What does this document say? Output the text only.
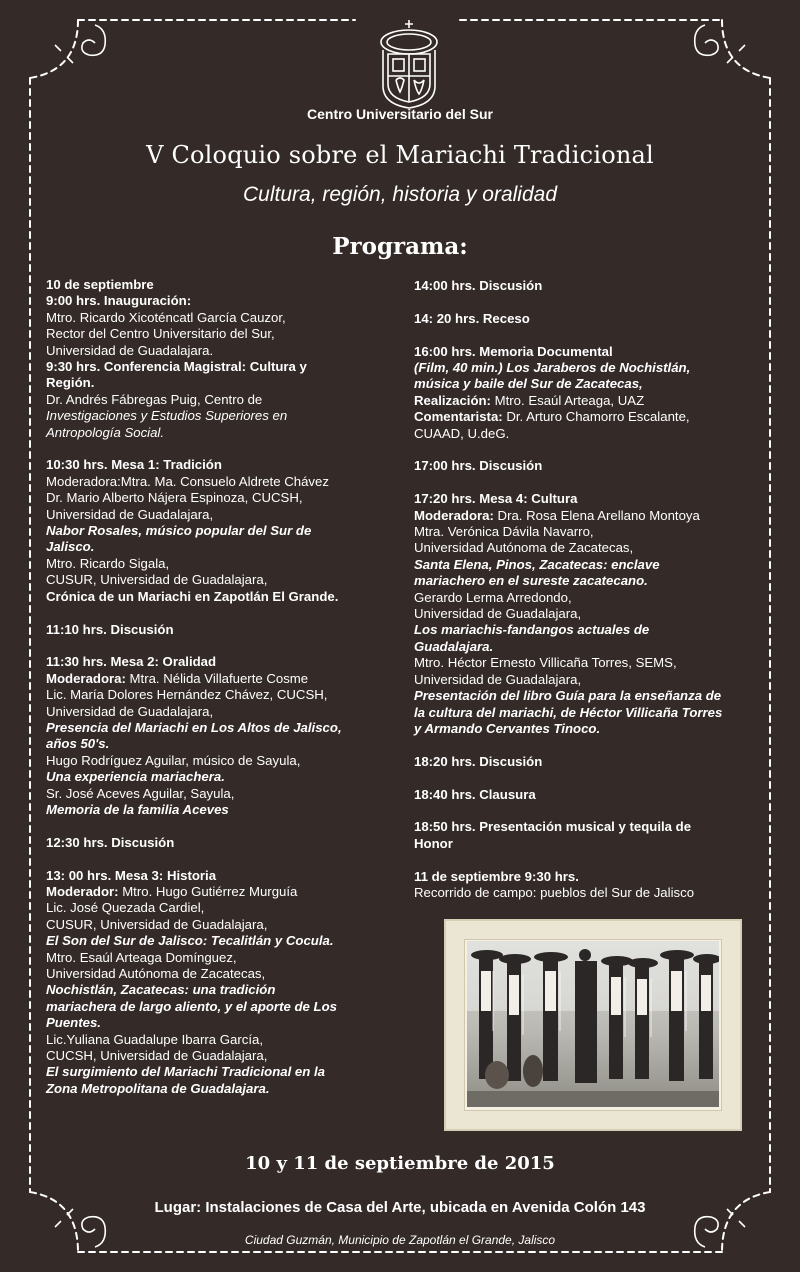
Centro Universitario del Sur
V Coloquio sobre el Mariachi Tradicional
Cultura, región, historia y oralidad
Programa:
10 de septiembre
9:00 hrs. Inauguración:
Mtro. Ricardo Xicoténcatl García Cauzor,
Rector del Centro Universitario del Sur,
Universidad de Guadalajara.
9:30 hrs. Conferencia Magistral: Cultura y
Región.
Dr. Andrés Fábregas Puig, Centro de
Investigaciones y Estudios Superiores en
Antropología Social.
10:30 hrs. Mesa 1: Tradición
Moderadora:Mtra. Ma. Consuelo Aldrete Chávez
Dr. Mario Alberto Nájera Espinoza, CUCSH,
Universidad de Guadalajara,
Nabor Rosales, músico popular del Sur de
Jalisco.
Mtro. Ricardo Sigala,
CUSUR, Universidad de Guadalajara,
Crónica de un Mariachi en Zapotlán El Grande.
11:10 hrs. Discusión
11:30 hrs. Mesa 2: Oralidad
Moderadora: Mtra. Nélida Villafuerte Cosme
Lic. María Dolores Hernández Chávez, CUCSH,
Universidad de Guadalajara,
Presencia del Mariachi en Los Altos de Jalisco,
años 50's.
Hugo Rodríguez Aguilar, músico de Sayula,
Una experiencia mariachera.
Sr. José Aceves Aguilar, Sayula,
Memoria de la familia Aceves
12:30 hrs. Discusión
13: 00 hrs. Mesa 3: Historia
Moderador: Mtro. Hugo Gutiérrez Murguía
Lic. José Quezada Cardiel,
CUSUR, Universidad de Guadalajara,
El Son del Sur de Jalisco: Tecalitlán y Cocula.
Mtro. Esaúl Arteaga Domínguez,
Universidad Autónoma de Zacatecas,
Nochistlán, Zacatecas: una tradición
mariachera de largo aliento, y el aporte de Los
Puentes.
Lic.Yuliana Guadalupe Ibarra García,
CUCSH, Universidad de Guadalajara,
El surgimiento del Mariachi Tradicional en la
Zona Metropolitana de Guadalajara.
14:00 hrs. Discusión
14: 20 hrs. Receso
16:00 hrs. Memoria Documental
(Film, 40 min.) Los Jaraberos de Nochistlán,
música y baile del Sur de Zacatecas,
Realización: Mtro. Esaúl Arteaga, UAZ
Comentarista: Dr. Arturo Chamorro Escalante,
CUAAD, U.deG.
17:00 hrs. Discusión
17:20 hrs. Mesa 4: Cultura
Moderadora: Dra. Rosa Elena Arellano Montoya
Mtra. Verónica Dávila Navarro,
Universidad Autónoma de Zacatecas,
Santa Elena, Pinos, Zacatecas: enclave
mariachero en el sureste zacatecano.
Gerardo Lerma Arredondo,
Universidad de Guadalajara,
Los mariachis-fandangos actuales de
Guadalajara.
Mtro. Héctor Ernesto Villicaña Torres, SEMS,
Universidad de Guadalajara,
Presentación del libro Guía para la enseñanza de
la cultura del mariachi, de Héctor Villicaña Torres
y Armando Cervantes Tinoco.
18:20 hrs. Discusión
18:40 hrs. Clausura
18:50 hrs. Presentación musical y tequila de
Honor
11 de septiembre 9:30 hrs.
Recorrido de campo: pueblos del Sur de Jalisco
10 y 11 de septiembre de 2015
Lugar: Instalaciones de Casa del Arte, ubicada en Avenida Colón 143
Ciudad Guzmán, Municipio de Zapotlán el Grande, Jalisco
